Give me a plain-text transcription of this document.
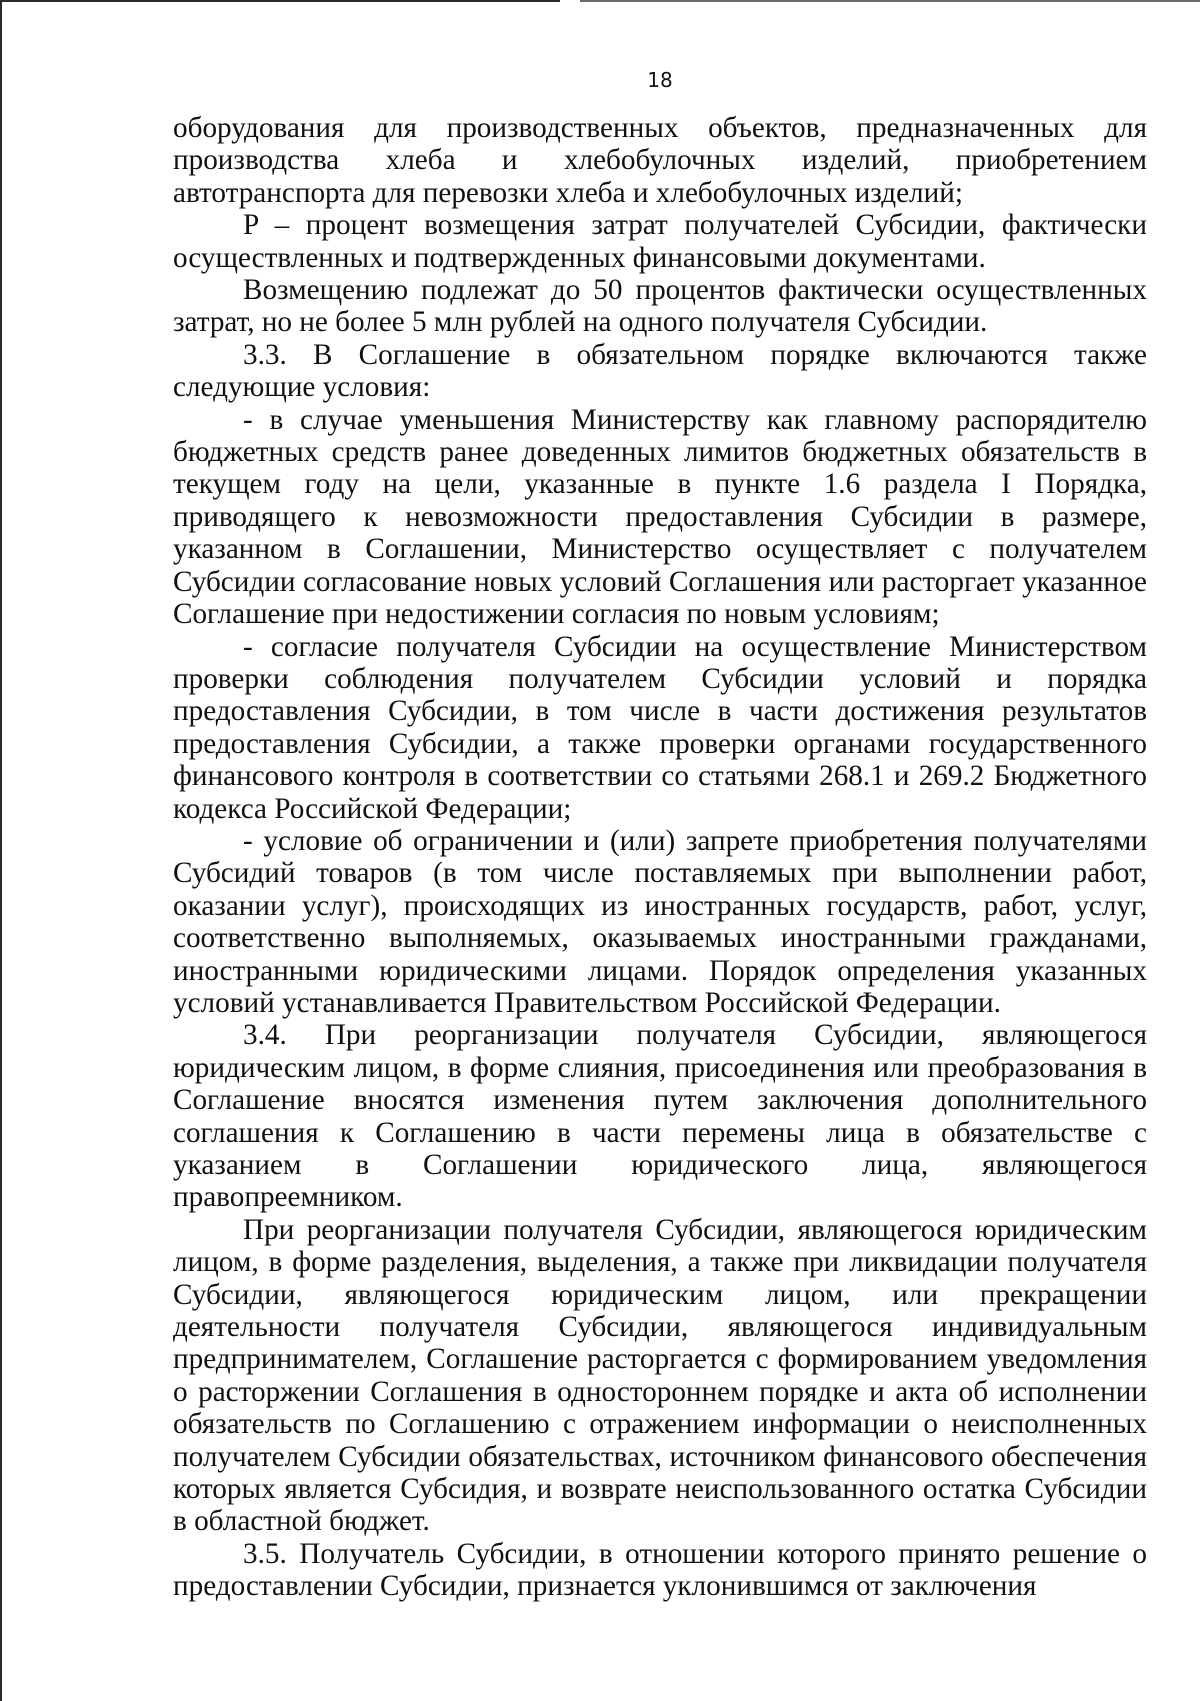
18

оборудования для производственных объектов, предназначенных для производства хлеба и хлебобулочных изделий, приобретением автотранспорта для перевозки хлеба и хлебобулочных изделий;

P – процент возмещения затрат получателей Субсидии, фактически осуществленных и подтвержденных финансовыми документами.

Возмещению подлежат до 50 процентов фактически осуществленных затрат, но не более 5 млн рублей на одного получателя Субсидии.

3.3. В Соглашение в обязательном порядке включаются также следующие условия:

- в случае уменьшения Министерству как главному распорядителю бюджетных средств ранее доведенных лимитов бюджетных обязательств в текущем году на цели, указанные в пункте 1.6 раздела I Порядка, приводящего к невозможности предоставления Субсидии в размере, указанном в Соглашении, Министерство осуществляет с получателем Субсидии согласование новых условий Соглашения или расторгает указанное Соглашение при недостижении согласия по новым условиям;

- согласие получателя Субсидии на осуществление Министерством проверки соблюдения получателем Субсидии условий и порядка предоставления Субсидии, в том числе в части достижения результатов предоставления Субсидии, а также проверки органами государственного финансового контроля в соответствии со статьями 268.1 и 269.2 Бюджетного кодекса Российской Федерации;

- условие об ограничении и (или) запрете приобретения получателями Субсидий товаров (в том числе поставляемых при выполнении работ, оказании услуг), происходящих из иностранных государств, работ, услуг, соответственно выполняемых, оказываемых иностранными гражданами, иностранными юридическими лицами. Порядок определения указанных условий устанавливается Правительством Российской Федерации.

3.4. При реорганизации получателя Субсидии, являющегося юридическим лицом, в форме слияния, присоединения или преобразования в Соглашение вносятся изменения путем заключения дополнительного соглашения к Соглашению в части перемены лица в обязательстве с указанием в Соглашении юридического лица, являющегося правопреемником.

При реорганизации получателя Субсидии, являющегося юридическим лицом, в форме разделения, выделения, а также при ликвидации получателя Субсидии, являющегося юридическим лицом, или прекращении деятельности получателя Субсидии, являющегося индивидуальным предпринимателем, Соглашение расторгается с формированием уведомления о расторжении Соглашения в одностороннем порядке и акта об исполнении обязательств по Соглашению с отражением информации о неисполненных получателем Субсидии обязательствах, источником финансового обеспечения которых является Субсидия, и возврате неиспользованного остатка Субсидии в областной бюджет.

3.5. Получатель Субсидии, в отношении которого принято решение о предоставлении Субсидии, признается уклонившимся от заключения
